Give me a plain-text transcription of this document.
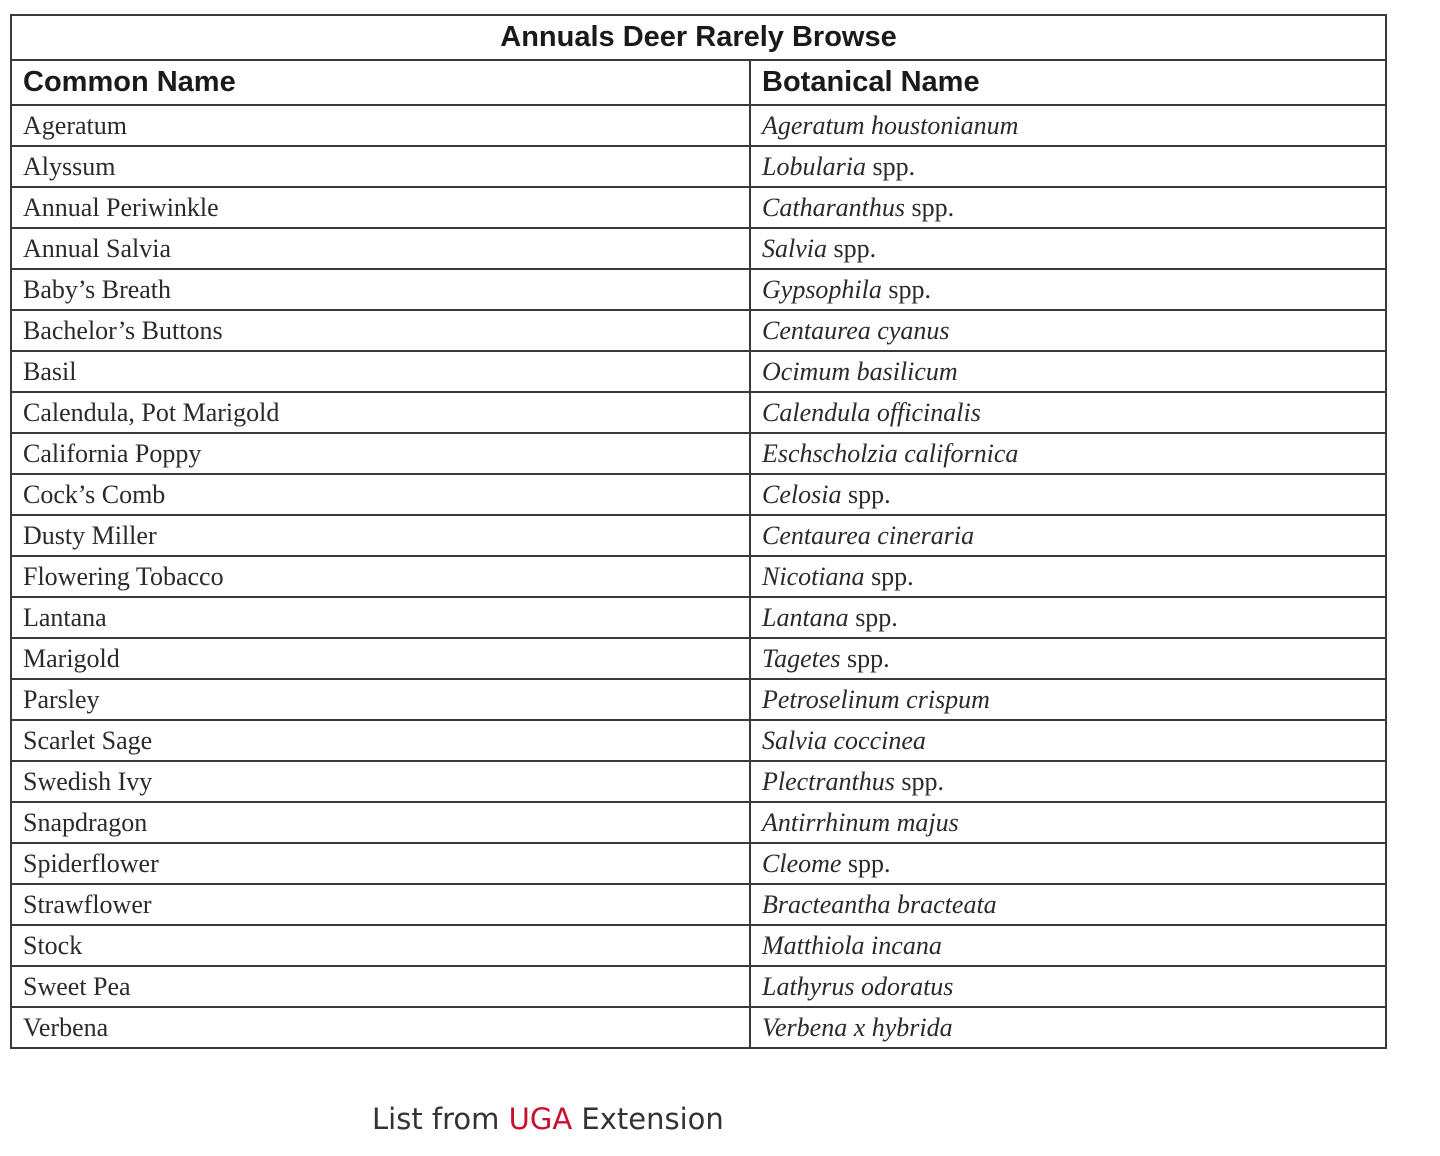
Annuals Deer Rarely Browse	
Common Name	Botanical Name
Ageratum	Ageratum houstonianum
Alyssum	Lobularia spp.
Annual Periwinkle	Catharanthus spp.
Annual Salvia	Salvia spp.
Baby’s Breath	Gypsophila spp.
Bachelor’s Buttons	Centaurea cyanus
Basil	Ocimum basilicum
Calendula, Pot Marigold	Calendula officinalis
California Poppy	Eschscholzia californica
Cock’s Comb	Celosia spp.
Dusty Miller	Centaurea cineraria
Flowering Tobacco	Nicotiana spp.
Lantana	Lantana spp.
Marigold	Tagetes spp.
Parsley	Petroselinum crispum
Scarlet Sage	Salvia coccinea
Swedish Ivy	Plectranthus spp.
Snapdragon	Antirrhinum majus
Spiderflower	Cleome spp.
Strawflower	Bracteantha bracteata
Stock	Matthiola incana
Sweet Pea	Lathyrus odoratus
Verbena	Verbena x hybrida
List from UGA Extension
